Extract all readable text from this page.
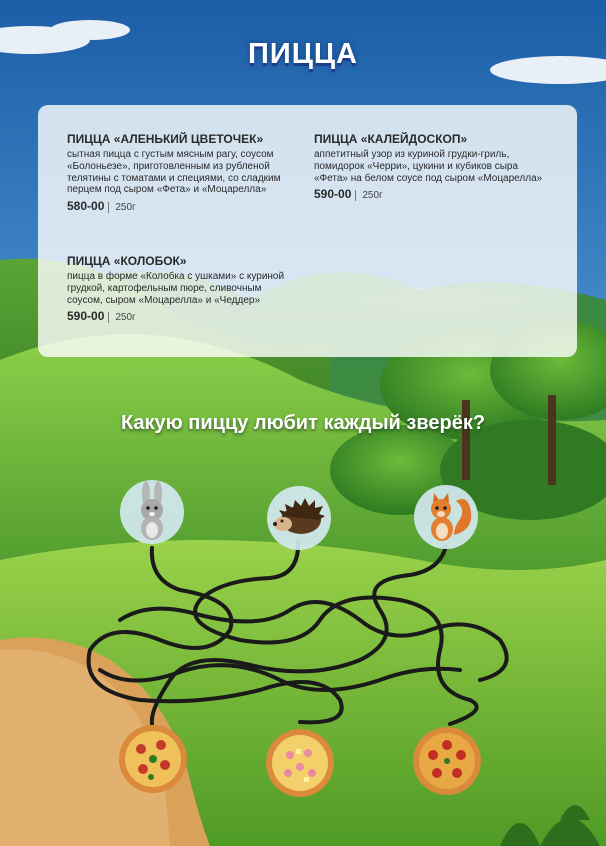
ПИЦЦА

ПИЦЦА «АЛЕНЬКИЙ ЦВЕТОЧЕК»

сытная пицца с густым мясным рагу, соусом «Болоньезе», приготовленным из рубленой телятины с томатами и специями, со сладким перцем под сыром «Фета» и «Моцарелла»

580-00 250г

ПИЦЦА «КОЛОБОК»

пицца в форме «Колобка с ушками» с куриной грудкой, картофельным пюре, сливочным соусом, сыром «Моцарелла» и «Чеддер»

590-00 250г

ПИЦЦА «КАЛЕЙДОСКОП»

аппетитный узор из куриной грудки-гриль, помидорок «Черри», цукини и кубиков сыра «Фета» на белом соусе под сыром «Моцарелла»

590-00 250г
Какую пиццу любит каждый зверёк?
